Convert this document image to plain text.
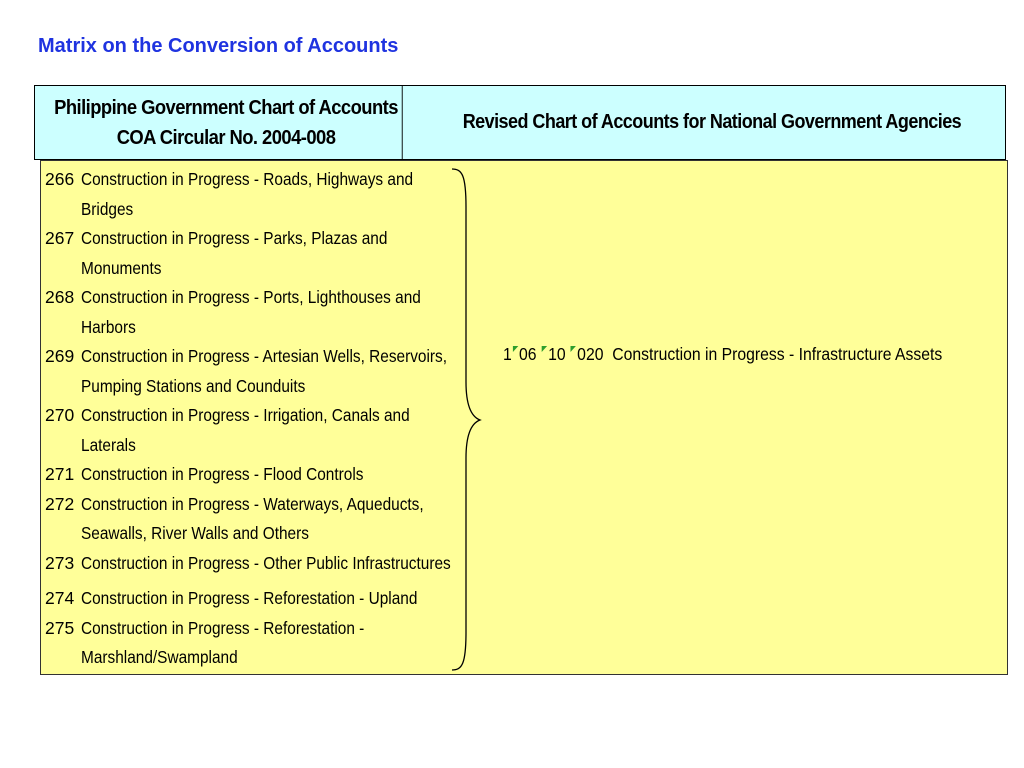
Matrix on the Conversion of Accounts
Philippine Government Chart of Accounts
COA Circular No. 2004-008
Revised Chart of Accounts for National Government Agencies
266 Construction in Progress - Roads, Highways and
Bridges
267 Construction in Progress - Parks, Plazas and
Monuments
268 Construction in Progress - Ports, Lighthouses and
Harbors
269 Construction in Progress - Artesian Wells, Reservoirs,
Pumping Stations and Counduits
270 Construction in Progress - Irrigation, Canals and
Laterals
271 Construction in Progress - Flood Controls
272 Construction in Progress - Waterways, Aqueducts,
Seawalls, River Walls and Others
273 Construction in Progress - Other Public Infrastructures
274 Construction in Progress - Reforestation - Upland
275 Construction in Progress - Reforestation -
Marshland/Swampland
1 06 10 020 Construction in Progress - Infrastructure Assets
